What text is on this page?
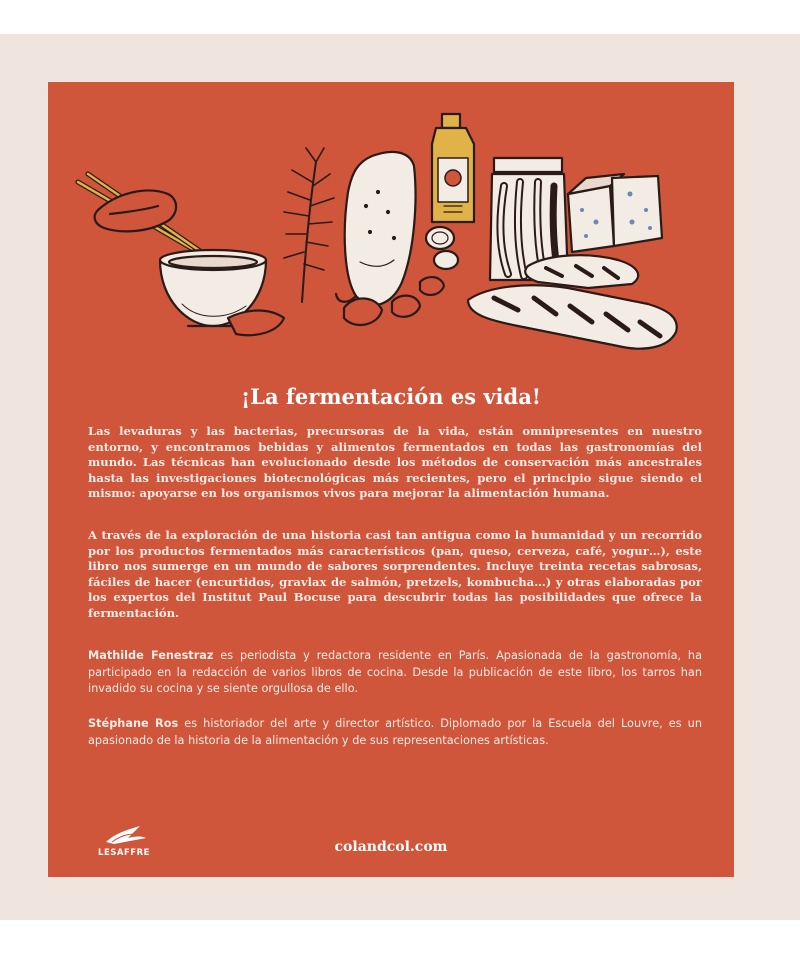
¡La fermentación es vida!

Las levaduras y las bacterias, precursoras de la vida, están omnipresentes en nuestro entorno, y encontramos bebidas y alimentos fermentados en todas las gastronomías del mundo. Las técnicas han evolucionado desde los métodos de conservación más ancestrales hasta las investigaciones biotecnológicas más recientes, pero el principio sigue siendo el mismo: apoyarse en los organismos vivos para mejorar la alimentación humana.

A través de la exploración de una historia casi tan antigua como la humanidad y un recorrido por los productos fermentados más característicos (pan, queso, cerveza, café, yogur…), este libro nos sumerge en un mundo de sabores sorprendentes. Incluye treinta recetas sabrosas, fáciles de hacer (encurtidos, gravlax de salmón, pretzels, kombucha…) y otras elaboradas por los expertos del Institut Paul Bocuse para descubrir todas las posibilidades que ofrece la fermentación.

Mathilde Fenestraz es periodista y redactora residente en París. Apasionada de la gastronomía, ha participado en la redacción de varios libros de cocina. Desde la publicación de este libro, los tarros han invadido su cocina y se siente orgullosa de ello.

Stéphane Ros es historiador del arte y director artístico. Diplomado por la Escuela del Louvre, es un apasionado de la historia de la alimentación y de sus representaciones artísticas.

LESAFFRE	colandcol.com
